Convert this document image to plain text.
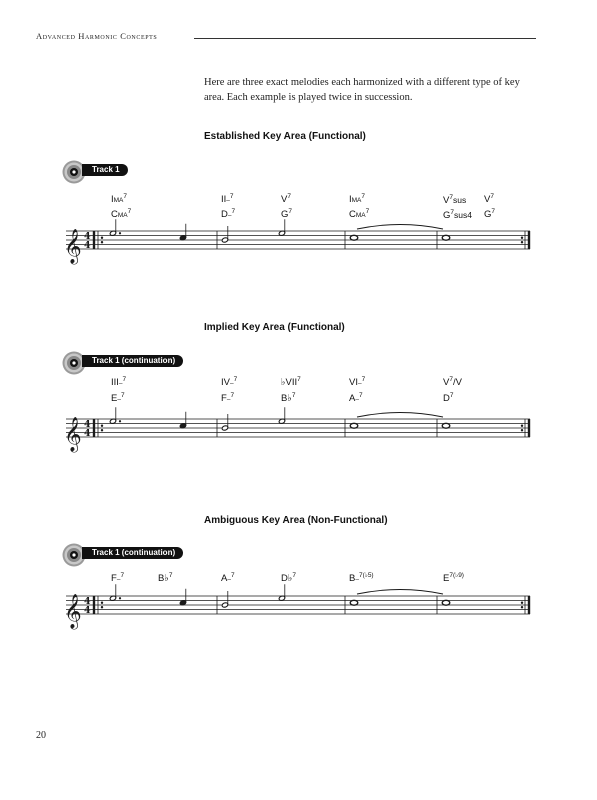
Advanced Harmonic Concepts
Here are three exact melodies each harmonized with a different type of key area. Each example is played twice in succession.
Established Key Area (Functional)
Track 1
𝄞 4
4
Implied Key Area (Functional)
Track 1 (continuation)
𝄞 4
4
Ambiguous Key Area (Non-Functional)
Track 1 (continuation)
𝄞 4
4
20
IMA$^7$	II–$^7$	$V^7$	IMA$^7$	$V^7sus$ $V^7$
CMA$^7$	D–$^7$	$G^7$	CMA$^7$	$G^7sus4$ $G^7$
III–$^7$	IV–$^7$	♭VII$^7$	VI–$^7$	$V^7/V$
E–$^7$	F–$^7$	B♭$^7$	A–$^7$	$D^7$
F–$^7$	B♭$^7$	A–$^7$	D♭$^7$	B–$^{7(♭5)}$	$E^{7(♭9)}$
